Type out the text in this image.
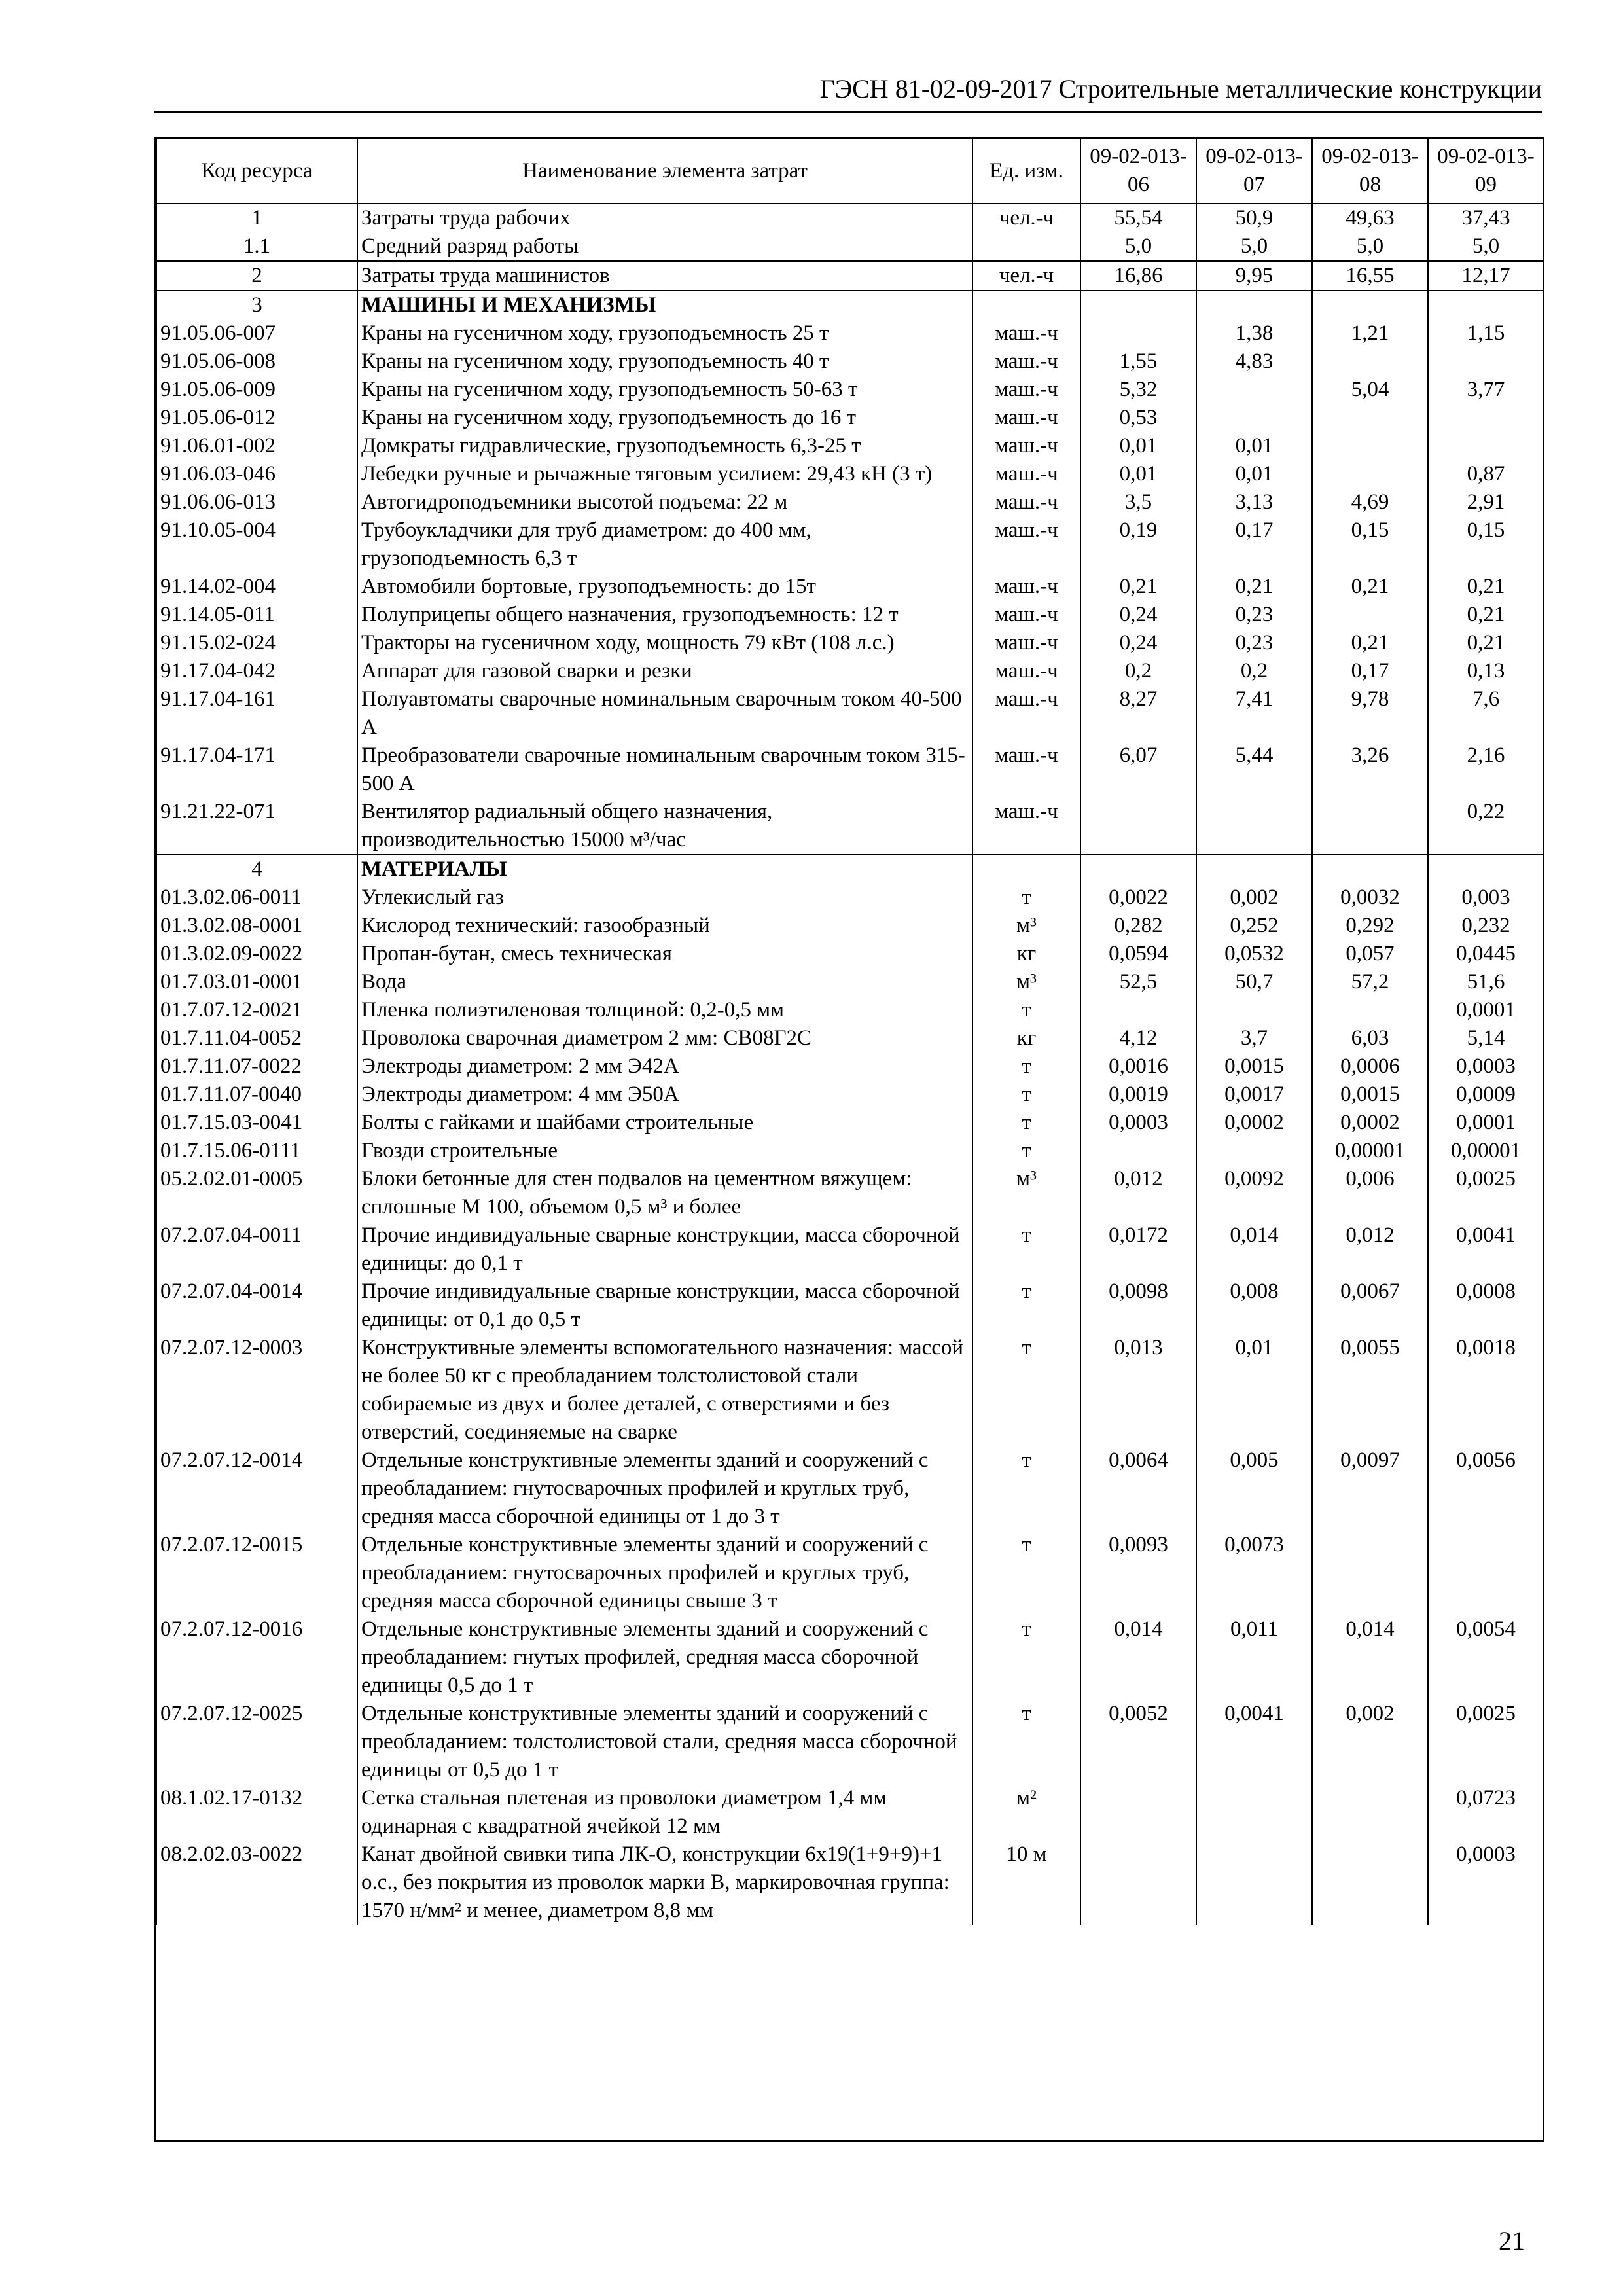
ГЭСН 81-02-09-2017 Строительные металлические конструкции
Код ресурса	Наименование элемента затрат	Ед. изм.	09-02-013-06	09-02-013-07	09-02-013-08	09-02-013-09
1	Затраты труда рабочих	чел.-ч	55,54	50,9	49,63	37,43
1.1	Средний разряд работы		5,0	5,0	5,0	5,0
2	Затраты труда машинистов	чел.-ч	16,86	9,95	16,55	12,17
3	МАШИНЫ И МЕХАНИЗМЫ					
91.05.06-007	Краны на гусеничном ходу, грузоподъемность 25 т	маш.-ч		1,38	1,21	1,15
91.05.06-008	Краны на гусеничном ходу, грузоподъемность 40 т	маш.-ч	1,55	4,83		
91.05.06-009	Краны на гусеничном ходу, грузоподъемность 50-63 т	маш.-ч	5,32		5,04	3,77
91.05.06-012	Краны на гусеничном ходу, грузоподъемность до 16 т	маш.-ч	0,53			
91.06.01-002	Домкраты гидравлические, грузоподъемность 6,3-25 т	маш.-ч	0,01	0,01		
91.06.03-046	Лебедки ручные и рычажные тяговым усилием: 29,43 кН (3 т)	маш.-ч	0,01	0,01		0,87
91.06.06-013	Автогидроподъемники высотой подъема: 22 м	маш.-ч	3,5	3,13	4,69	2,91
91.10.05-004	Трубоукладчики для труб диаметром: до 400 мм, грузоподъемность 6,3 т	маш.-ч	0,19	0,17	0,15	0,15
91.14.02-004	Автомобили бортовые, грузоподъемность: до 15т	маш.-ч	0,21	0,21	0,21	0,21
91.14.05-011	Полуприцепы общего назначения, грузоподъемность: 12 т	маш.-ч	0,24	0,23		0,21
91.15.02-024	Тракторы на гусеничном ходу, мощность 79 кВт (108 л.с.)	маш.-ч	0,24	0,23	0,21	0,21
91.17.04-042	Аппарат для газовой сварки и резки	маш.-ч	0,2	0,2	0,17	0,13
91.17.04-161	Полуавтоматы сварочные номинальным сварочным током 40-500 А	маш.-ч	8,27	7,41	9,78	7,6
91.17.04-171	Преобразователи сварочные номинальным сварочным током 315-500 А	маш.-ч	6,07	5,44	3,26	2,16
91.21.22-071	Вентилятор радиальный общего назначения, производительностью 15000 м³/час	маш.-ч				0,22
4	МАТЕРИАЛЫ					
01.3.02.06-0011	Углекислый газ	т	0,0022	0,002	0,0032	0,003
01.3.02.08-0001	Кислород технический: газообразный	м³	0,282	0,252	0,292	0,232
01.3.02.09-0022	Пропан-бутан, смесь техническая	кг	0,0594	0,0532	0,057	0,0445
01.7.03.01-0001	Вода	м³	52,5	50,7	57,2	51,6
01.7.07.12-0021	Пленка полиэтиленовая толщиной: 0,2-0,5 мм	т				0,0001
01.7.11.04-0052	Проволока сварочная диаметром 2 мм: СВ08Г2С	кг	4,12	3,7	6,03	5,14
01.7.11.07-0022	Электроды диаметром: 2 мм Э42А	т	0,0016	0,0015	0,0006	0,0003
01.7.11.07-0040	Электроды диаметром: 4 мм Э50А	т	0,0019	0,0017	0,0015	0,0009
01.7.15.03-0041	Болты с гайками и шайбами строительные	т	0,0003	0,0002	0,0002	0,0001
01.7.15.06-0111	Гвозди строительные	т			0,00001	0,00001
05.2.02.01-0005	Блоки бетонные для стен подвалов на цементном вяжущем: сплошные М 100, объемом 0,5 м³ и более	м³	0,012	0,0092	0,006	0,0025
07.2.07.04-0011	Прочие индивидуальные сварные конструкции, масса сборочной единицы: до 0,1 т	т	0,0172	0,014	0,012	0,0041
07.2.07.04-0014	Прочие индивидуальные сварные конструкции, масса сборочной единицы: от 0,1 до 0,5 т	т	0,0098	0,008	0,0067	0,0008
07.2.07.12-0003	Конструктивные элементы вспомогательного назначения: массой не более 50 кг с преобладанием толстолистовой стали собираемые из двух и более деталей, с отверстиями и без отверстий, соединяемые на сварке	т	0,013	0,01	0,0055	0,0018
07.2.07.12-0014	Отдельные конструктивные элементы зданий и сооружений с преобладанием: гнутосварочных профилей и круглых труб, средняя масса сборочной единицы от 1 до 3 т	т	0,0064	0,005	0,0097	0,0056
07.2.07.12-0015	Отдельные конструктивные элементы зданий и сооружений с преобладанием: гнутосварочных профилей и круглых труб, средняя масса сборочной единицы свыше 3 т	т	0,0093	0,0073		
07.2.07.12-0016	Отдельные конструктивные элементы зданий и сооружений с преобладанием: гнутых профилей, средняя масса сборочной единицы 0,5 до 1 т	т	0,014	0,011	0,014	0,0054
07.2.07.12-0025	Отдельные конструктивные элементы зданий и сооружений с преобладанием: толстолистовой стали, средняя масса сборочной единицы от 0,5 до 1 т	т	0,0052	0,0041	0,002	0,0025
08.1.02.17-0132	Сетка стальная плетеная из проволоки диаметром 1,4 мм одинарная с квадратной ячейкой 12 мм	м²				0,0723
08.2.02.03-0022	Канат двойной свивки типа ЛК-О, конструкции 6х19(1+9+9)+1 о.с., без покрытия из проволок марки В, маркировочная группа: 1570 н/мм² и менее, диаметром 8,8 мм	10 м				0,0003
21
